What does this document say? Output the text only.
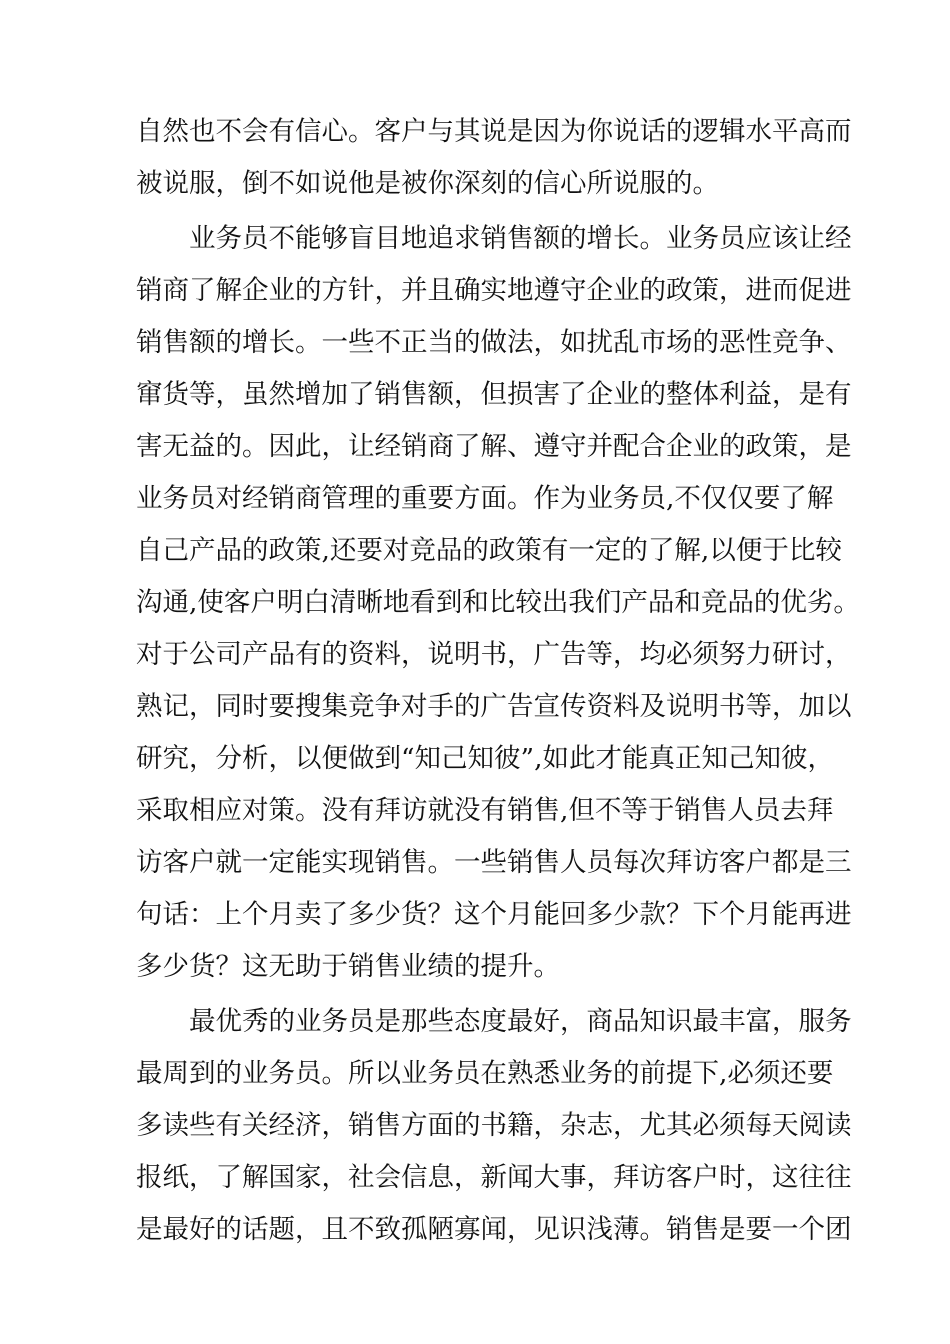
自然也不会有信心。客户与其说是因为你说话的逻辑水平高而
被说服，倒不如说他是被你深刻的信心所说服的。
业务员不能够盲目地追求销售额的增长。业务员应该让经
销商了解企业的方针，并且确实地遵守企业的政策，进而促进
销售额的增长。一些不正当的做法，如扰乱市场的恶性竞争、
窜货等，虽然增加了销售额，但损害了企业的整体利益，是有
害无益的。因此，让经销商了解、遵守并配合企业的政策，是
业务员对经销商管理的重要方面。作为业务员,不仅仅要了解
自己产品的政策,还要对竞品的政策有一定的了解,以便于比较
沟通,使客户明白清晰地看到和比较出我们产品和竞品的优劣。
对于公司产品有的资料，说明书，广告等，均必须努力研讨，
熟记，同时要搜集竞争对手的广告宣传资料及说明书等，加以
研究，分析，以便做到“知己知彼”,如此才能真正知己知彼，
采取相应对策。没有拜访就没有销售,但不等于销售人员去拜
访客户就一定能实现销售。一些销售人员每次拜访客户都是三
句话：上个月卖了多少货？这个月能回多少款？下个月能再进
多少货？这无助于销售业绩的提升。
最优秀的业务员是那些态度最好，商品知识最丰富，服务
最周到的业务员。所以业务员在熟悉业务的前提下,必须还要
多读些有关经济，销售方面的书籍，杂志，尤其必须每天阅读
报纸，了解国家，社会信息，新闻大事，拜访客户时，这往往
是最好的话题，且不致孤陋寡闻，见识浅薄。销售是要一个团
